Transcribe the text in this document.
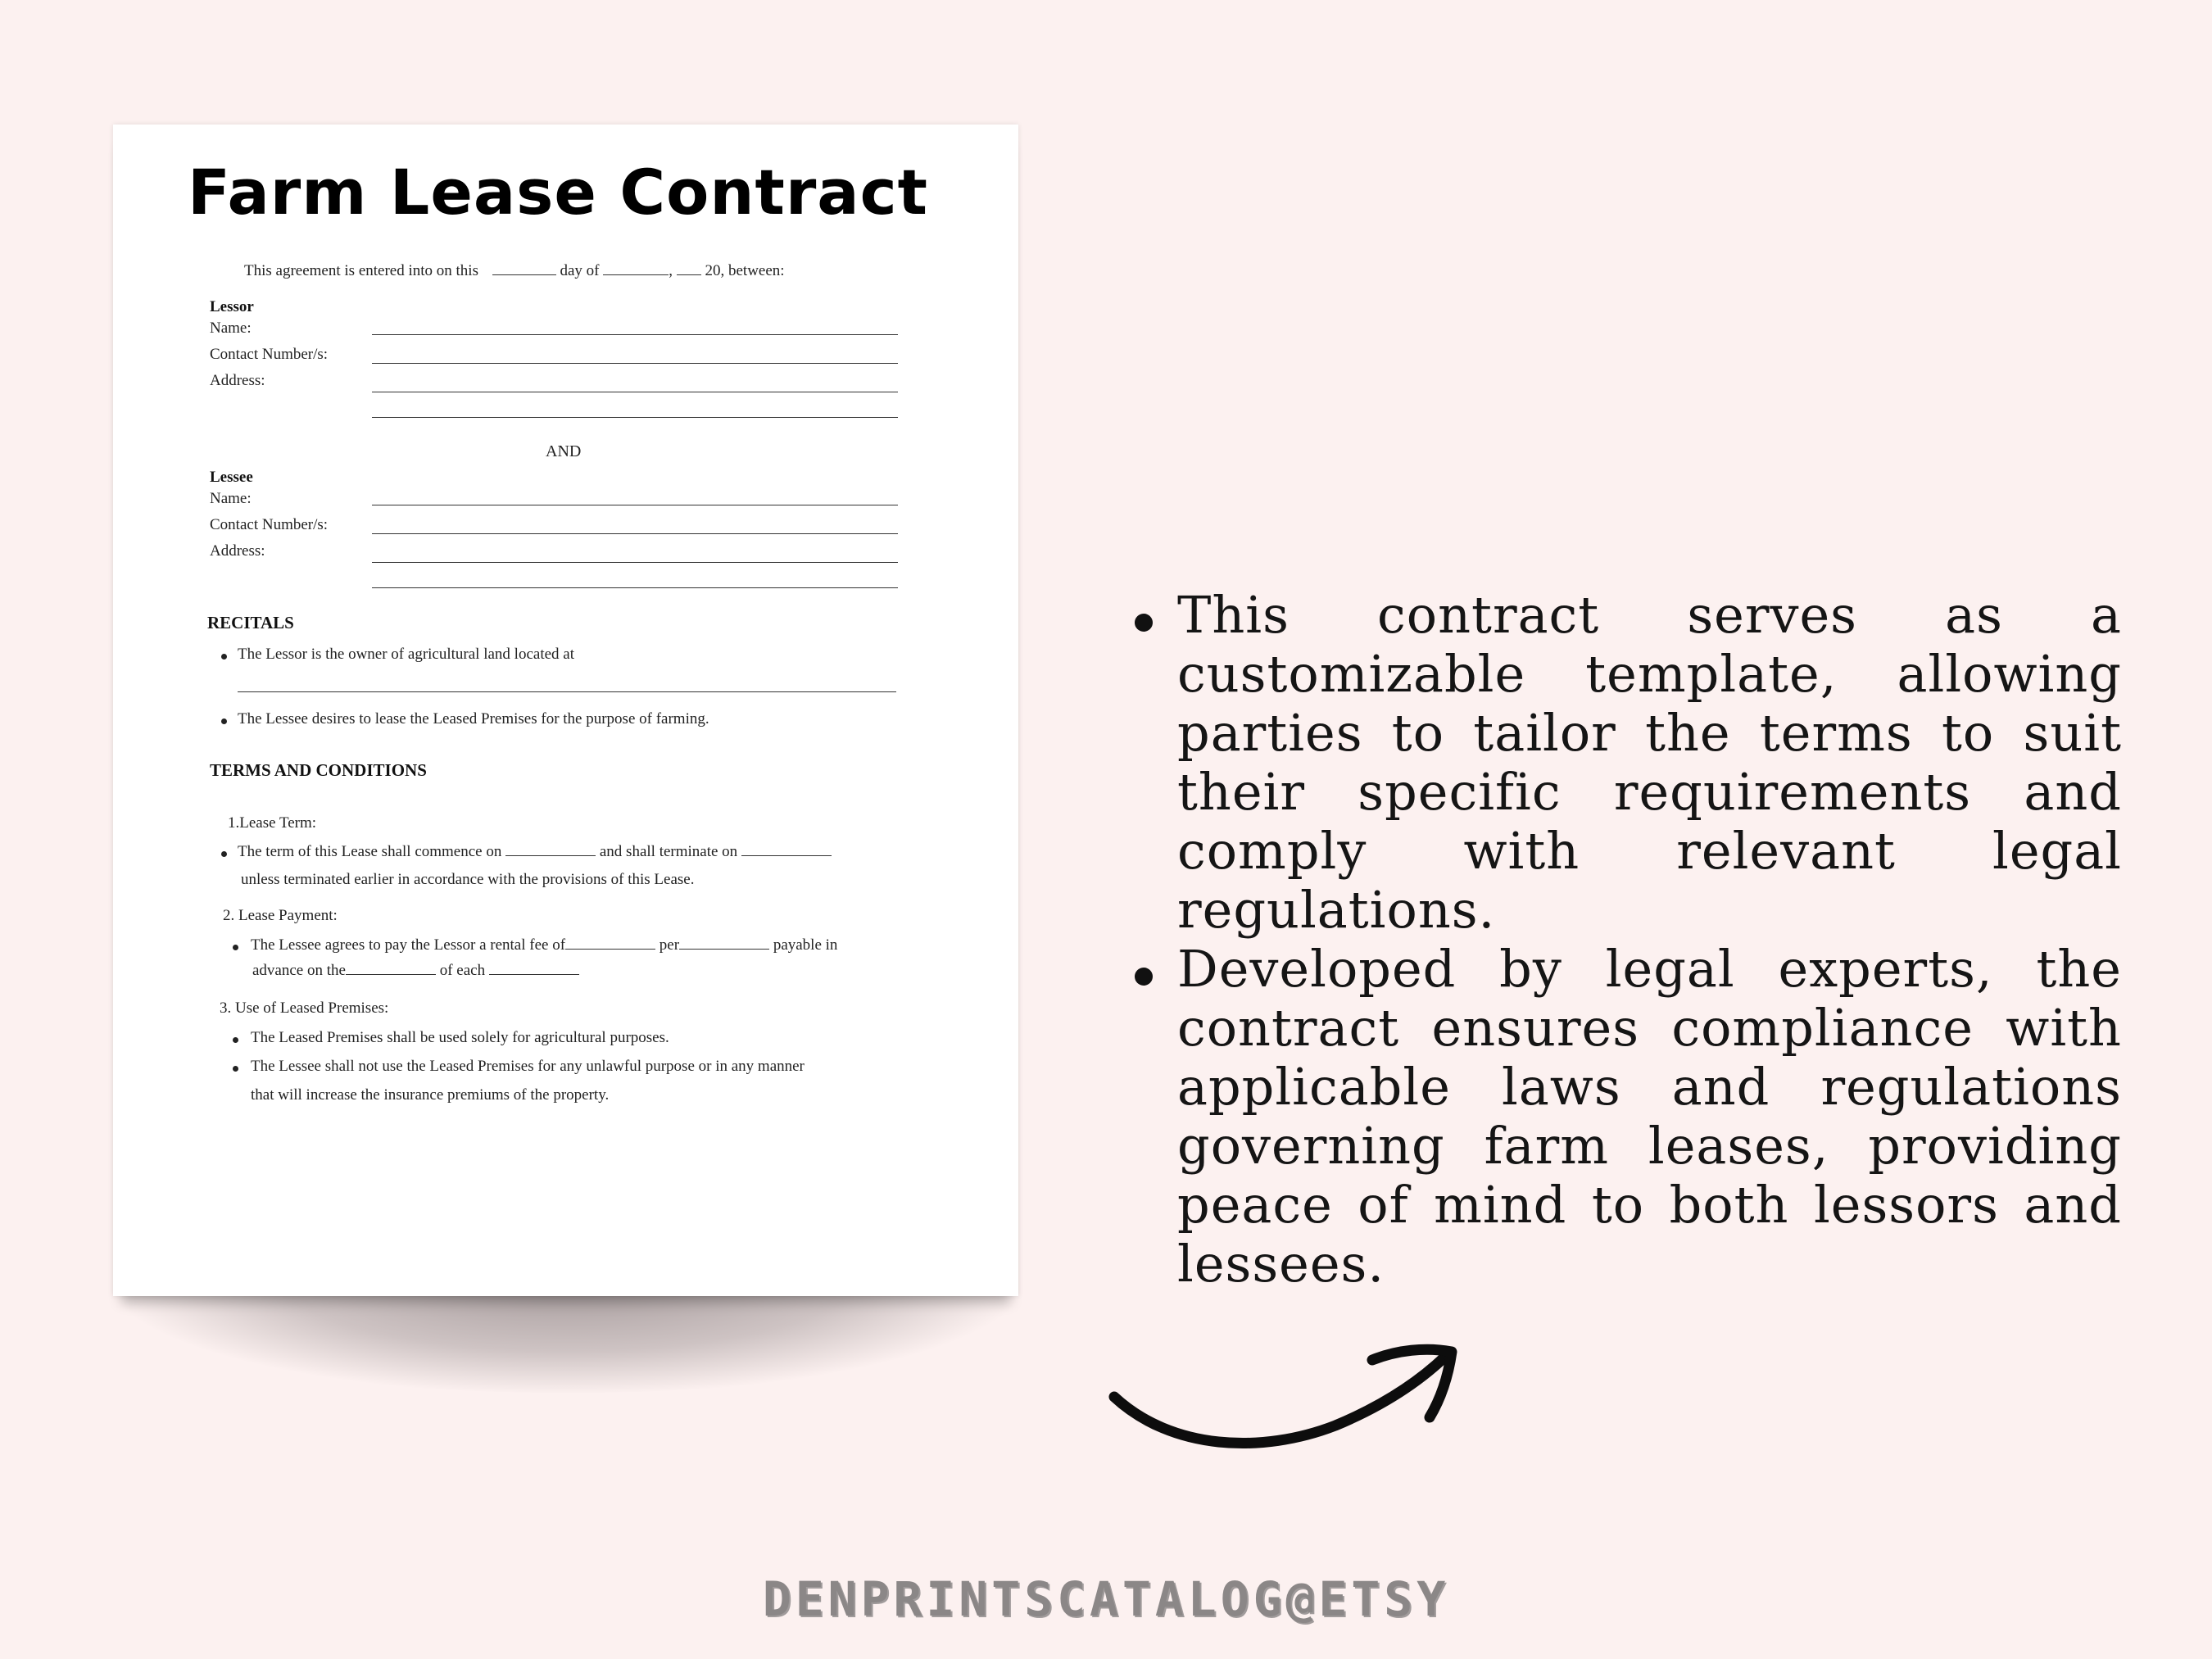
Farm Lease Contract
This agreement is entered into on this	day of	, 20, between:
Lessor
Name:
Contact Number/s:
Address:
AND
Lessee
Name:
Contact Number/s:
Address:
RECITALS
The Lessor is the owner of agricultural land located at
The Lessee desires to lease the Leased Premises for the purpose of farming.
TERMS AND CONDITIONS
1.Lease Term:
The term of this Lease shall commence on	and shall terminate on
unless terminated earlier in accordance with the provisions of this Lease.
2. Lease Payment:
The Lessee agrees to pay the Lessor a rental fee of	per	payable in
advance on the	of each
3. Use of Leased Premises:
The Leased Premises shall be used solely for agricultural purposes.
The Lessee shall not use the Leased Premises for any unlawful purpose or in any manner
that will increase the insurance premiums of the property.

This contract serves as a customizable template, allowing parties to tailor the terms to suit their specific requirements and comply with relevant legal regulations.

Developed by legal experts, the contract ensures compliance with applicable laws and regulations governing farm leases, providing peace of mind to both lessors and lessees.

DENPRINTSCATALOG@ETSY
